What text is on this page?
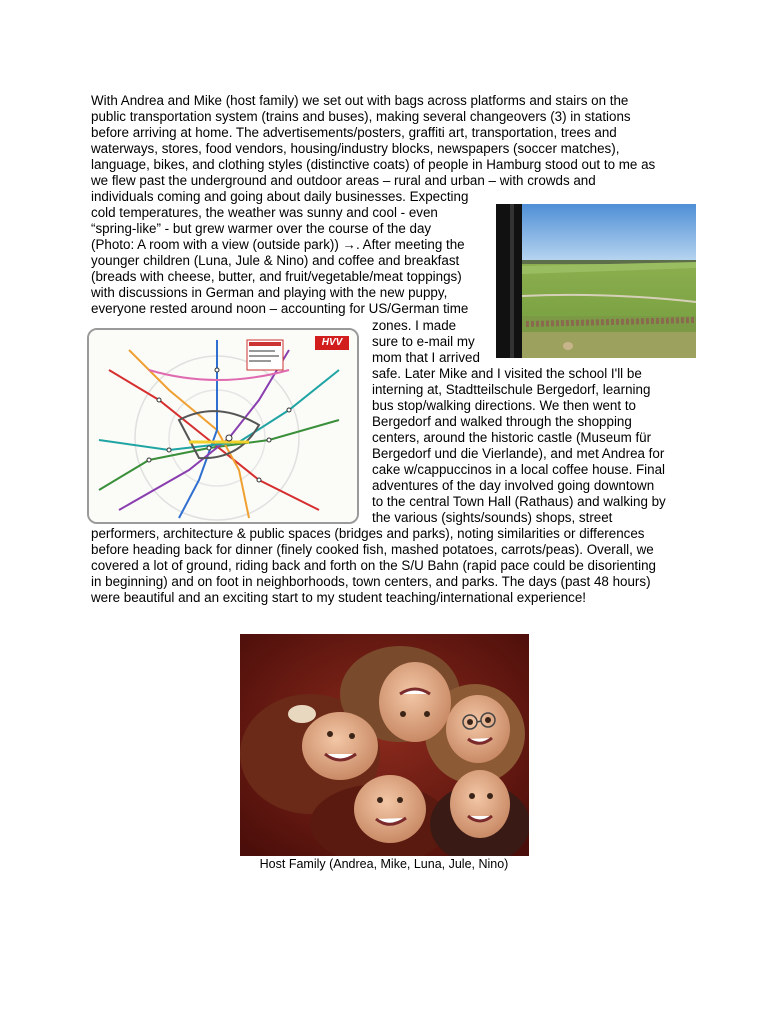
With Andrea and Mike (host family) we set out with bags across platforms and stairs on the
public transportation system (trains and buses), making several changeovers (3) in stations
before arriving at home. The advertisements/posters, graffiti art, transportation, trees and
waterways, stores, food vendors, housing/industry blocks, newspapers (soccer matches),
language, bikes, and clothing styles (distinctive coats) of people in Hamburg stood out to me as
we flew past the underground and outdoor areas – rural and urban – with crowds and
individuals coming and going about daily businesses. Expecting
cold temperatures, the weather was sunny and cool - even
“spring-like” - but grew warmer over the course of the day
(Photo: A room with a view (outside park)) →. After meeting the
younger children (Luna, Jule & Nino) and coffee and breakfast
(breads with cheese, butter, and fruit/vegetable/meat toppings)
with discussions in German and playing with the new puppy,
everyone rested around noon – accounting for US/German time
zones. I made
sure to e-mail my
mom that I arrived
safe. Later Mike and I visited the school I'll be
interning at, Stadtteilschule Bergedorf, learning
bus stop/walking directions. We then went to
Bergedorf and walked through the shopping
centers, around the historic castle (Museum für
Bergedorf und die Vierlande), and met Andrea for
cake w/cappuccinos in a local coffee house. Final
adventures of the day involved going downtown
to the central Town Hall (Rathaus) and walking by
the various (sights/sounds) shops, street
performers, architecture & public spaces (bridges and parks), noting similarities or differences
before heading back for dinner (finely cooked fish, mashed potatoes, carrots/peas). Overall, we
covered a lot of ground, riding back and forth on the S/U Bahn (rapid pace could be disorienting
in beginning) and on foot in neighborhoods, town centers, and parks. The days (past 48 hours)
were beautiful and an exciting start to my student teaching/international experience!
HVV
Host Family (Andrea, Mike, Luna, Jule, Nino)
